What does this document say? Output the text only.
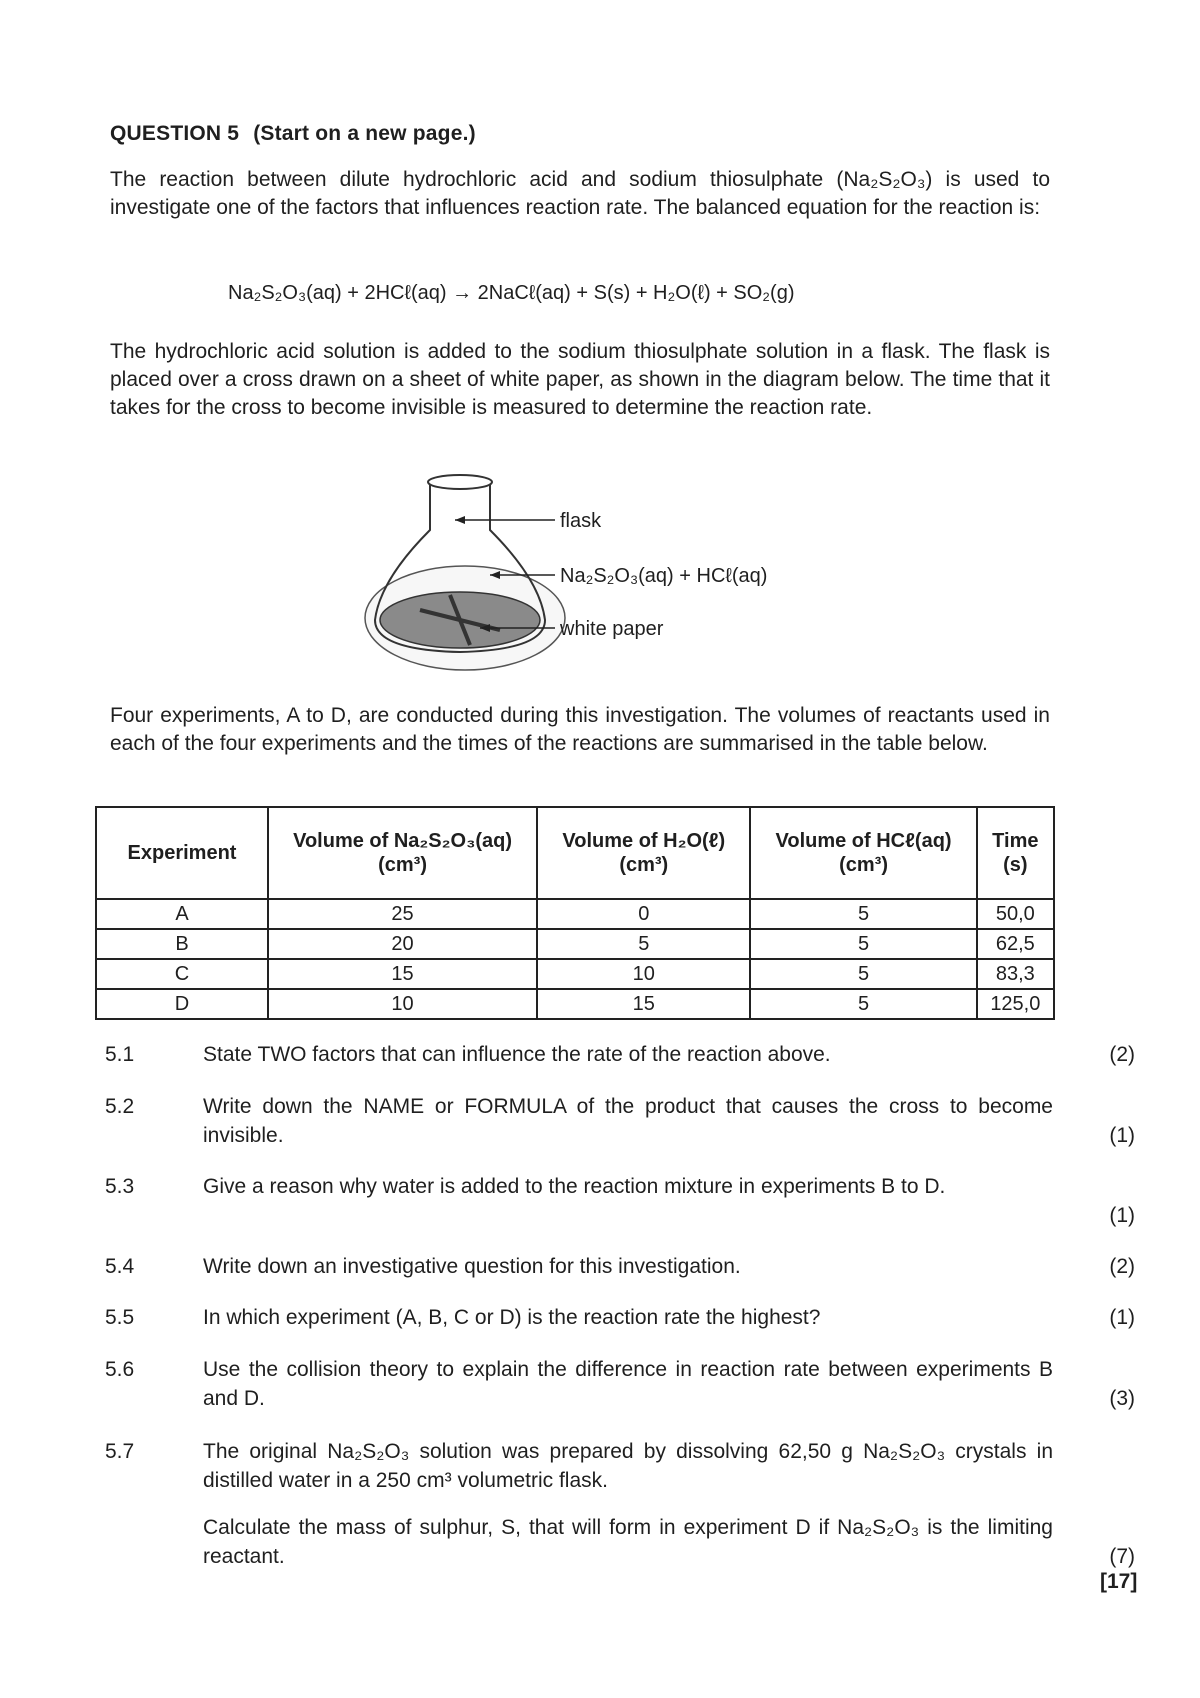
QUESTION 5 (Start on a new page.)
The reaction between dilute hydrochloric acid and sodium thiosulphate (Na₂S₂O₃) is used to investigate one of the factors that influences reaction rate. The balanced equation for the reaction is:
Na₂S₂O₃(aq) + 2HCℓ(aq) → 2NaCℓ(aq) + S(s) + H₂O(ℓ) + SO₂(g)
The hydrochloric acid solution is added to the sodium thiosulphate solution in a flask. The flask is placed over a cross drawn on a sheet of white paper, as shown in the diagram below. The time that it takes for the cross to become invisible is measured to determine the reaction rate.
flask
Na₂S₂O₃(aq) + HCℓ(aq)
white paper
Four experiments, A to D, are conducted during this investigation. The volumes of reactants used in each of the four experiments and the times of the reactions are summarised in the table below.
Experiment	Volume of Na₂S₂O₃(aq) (cm³)	Volume of H₂O(ℓ) (cm³)	Volume of HCℓ(aq) (cm³)	Time (s)
A	25	0	5	50,0
B	20	5	5	62,5
C	15	10	5	83,3
D	10	15	5	125,0
5.1	State TWO factors that can influence the rate of the reaction above.	(2)
5.2	Write down the NAME or FORMULA of the product that causes the cross to become invisible.	(1)
5.3	Give a reason why water is added to the reaction mixture in experiments B to D.
(1)
5.4	Write down an investigative question for this investigation.	(2)
5.5	In which experiment (A, B, C or D) is the reaction rate the highest?	(1)
5.6	Use the collision theory to explain the difference in reaction rate between experiments B and D.	(3)
5.7	The original Na₂S₂O₃ solution was prepared by dissolving 62,50 g Na₂S₂O₃ crystals in distilled water in a 250 cm³ volumetric flask.
Calculate the mass of sulphur, S, that will form in experiment D if Na₂S₂O₃ is the limiting reactant.	(7)
[17]
